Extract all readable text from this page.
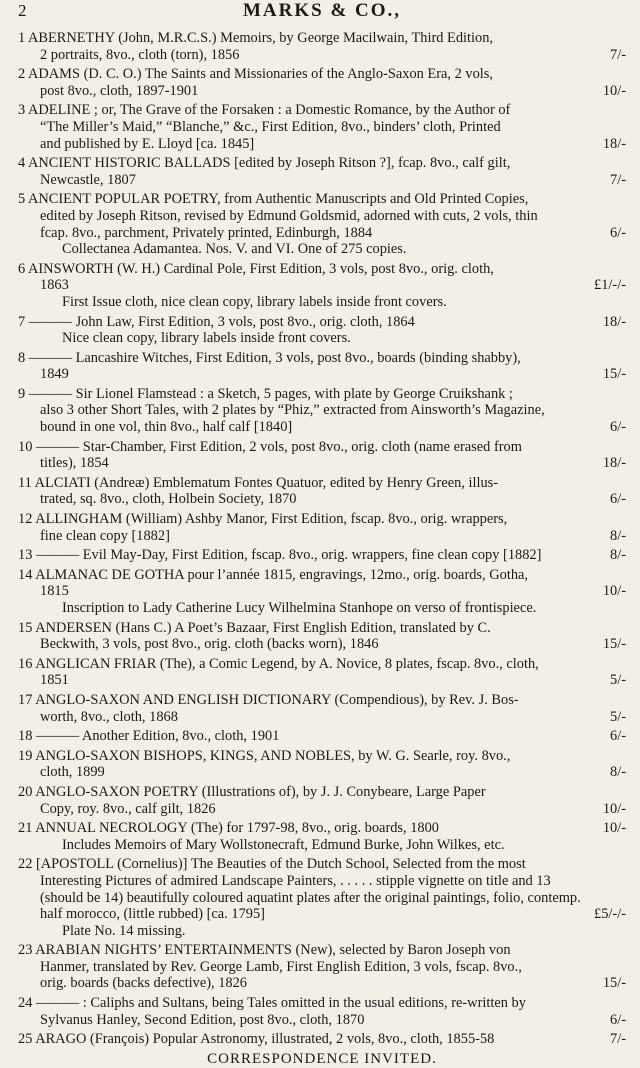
2	MARKS & CO.,
1 ABERNETHY (John, M.R.C.S.) Memoirs, by George Macilwain, Third Edition,
2 portraits, 8vo., cloth (torn), 1856	7/-
2 ADAMS (D. C. O.) The Saints and Missionaries of the Anglo-Saxon Era, 2 vols,
post 8vo., cloth, 1897-1901	10/-
3 ADELINE ; or, The Grave of the Forsaken : a Domestic Romance, by the Author of
“The Miller’s Maid,” “Blanche,” &c., First Edition, 8vo., binders’ cloth, Printed
and published by E. Lloyd [ca. 1845]	18/-
4 ANCIENT HISTORIC BALLADS [edited by Joseph Ritson ?], fcap. 8vo., calf gilt,
Newcastle, 1807	7/-
5 ANCIENT POPULAR POETRY, from Authentic Manuscripts and Old Printed Copies,
edited by Joseph Ritson, revised by Edmund Goldsmid, adorned with cuts, 2 vols, thin
fcap. 8vo., parchment, Privately printed, Edinburgh, 1884	6/-
Collectanea Adamantea. Nos. V. and VI. One of 275 copies.
6 AINSWORTH (W. H.) Cardinal Pole, First Edition, 3 vols, post 8vo., orig. cloth,
1863	£1/-/-
First Issue cloth, nice clean copy, library labels inside front covers.
7 ——— John Law, First Edition, 3 vols, post 8vo., orig. cloth, 1864	18/-
Nice clean copy, library labels inside front covers.
8 ——— Lancashire Witches, First Edition, 3 vols, post 8vo., boards (binding shabby),
1849	15/-
9 ——— Sir Lionel Flamstead : a Sketch, 5 pages, with plate by George Cruikshank ;
also 3 other Short Tales, with 2 plates by “Phiz,” extracted from Ainsworth’s Magazine,
bound in one vol, thin 8vo., half calf [1840]	6/-
10 ——— Star-Chamber, First Edition, 2 vols, post 8vo., orig. cloth (name erased from
titles), 1854	18/-
11 ALCIATI (Andreæ) Emblematum Fontes Quatuor, edited by Henry Green, illus-
trated, sq. 8vo., cloth, Holbein Society, 1870	6/-
12 ALLINGHAM (William) Ashby Manor, First Edition, fscap. 8vo., orig. wrappers,
fine clean copy [1882]	8/-
13 ——— Evil May-Day, First Edition, fscap. 8vo., orig. wrappers, fine clean copy [1882]	8/-
14 ALMANAC DE GOTHA pour l’année 1815, engravings, 12mo., orig. boards, Gotha,
1815	10/-
Inscription to Lady Catherine Lucy Wilhelmina Stanhope on verso of frontispiece.
15 ANDERSEN (Hans C.) A Poet’s Bazaar, First English Edition, translated by C.
Beckwith, 3 vols, post 8vo., orig. cloth (backs worn), 1846	15/-
16 ANGLICAN FRIAR (The), a Comic Legend, by A. Novice, 8 plates, fscap. 8vo., cloth,
1851	5/-
17 ANGLO-SAXON AND ENGLISH DICTIONARY (Compendious), by Rev. J. Bos-
worth, 8vo., cloth, 1868	5/-
18 ——— Another Edition, 8vo., cloth, 1901	6/-
19 ANGLO-SAXON BISHOPS, KINGS, AND NOBLES, by W. G. Searle, roy. 8vo.,
cloth, 1899	8/-
20 ANGLO-SAXON POETRY (Illustrations of), by J. J. Conybeare, Large Paper
Copy, roy. 8vo., calf gilt, 1826	10/-
21 ANNUAL NECROLOGY (The) for 1797-98, 8vo., orig. boards, 1800	10/-
Includes Memoirs of Mary Wollstonecraft, Edmund Burke, John Wilkes, etc.
22 [APOSTOLL (Cornelius)] The Beauties of the Dutch School, Selected from the most
Interesting Pictures of admired Landscape Painters, . . . . . stipple vignette on title and 13
(should be 14) beautifully coloured aquatint plates after the original paintings, folio, contemp.
half morocco, (little rubbed) [ca. 1795]	£5/-/-
Plate No. 14 missing.
23 ARABIAN NIGHTS’ ENTERTAINMENTS (New), selected by Baron Joseph von
Hanmer, translated by Rev. George Lamb, First English Edition, 3 vols, fscap. 8vo.,
orig. boards (backs defective), 1826	15/-
24 ——— : Caliphs and Sultans, being Tales omitted in the usual editions, re-written by
Sylvanus Hanley, Second Edition, post 8vo., cloth, 1870	6/-
25 ARAGO (François) Popular Astronomy, illustrated, 2 vols, 8vo., cloth, 1855-58	7/-
CORRESPONDENCE INVITED.
